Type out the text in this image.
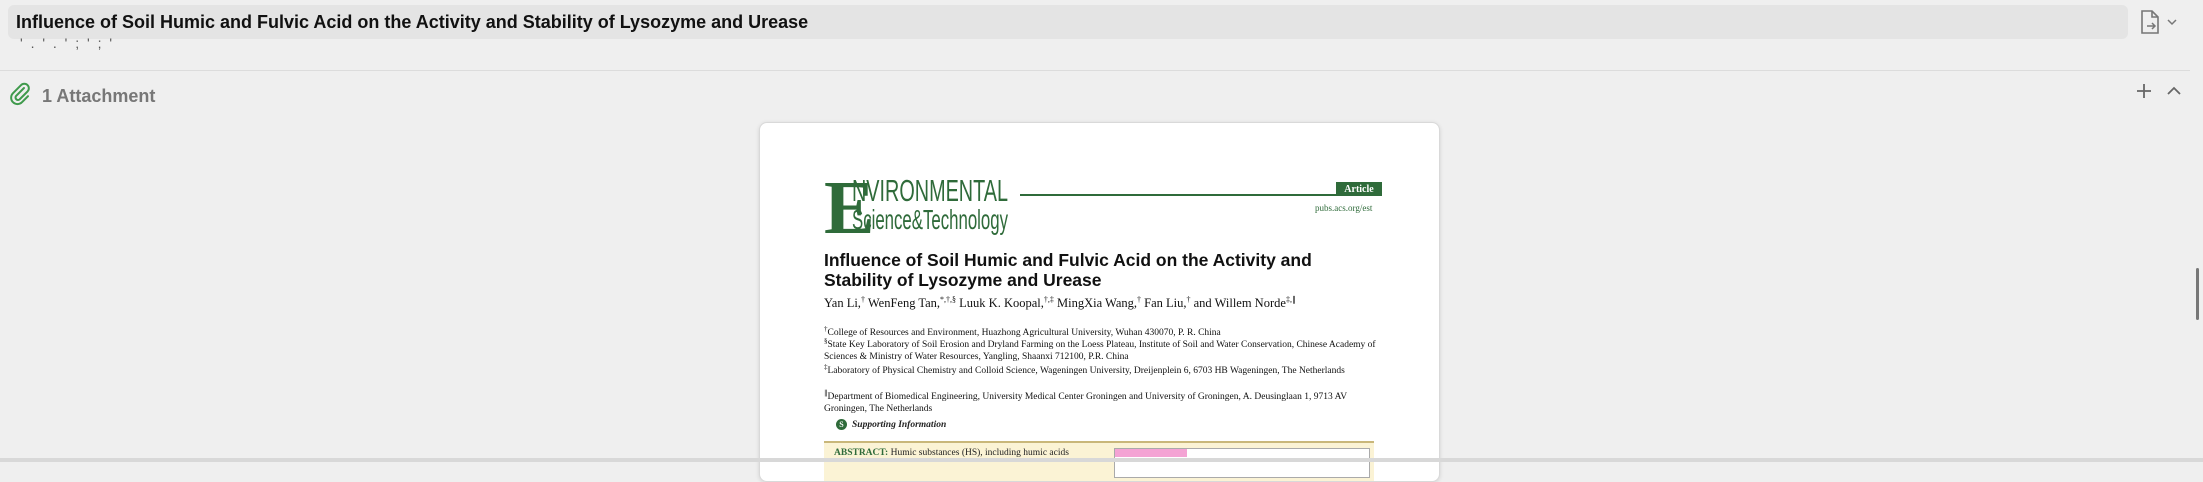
Influence of Soil Humic and Fulvic Acid on the Activity and Stability of Lysozyme and Urease
' . ' . ' ; ' ; '
1 Attachment
E
NVIRONMENTAL
Science&Technology
Article
pubs.acs.org/est
Influence of Soil Humic and Fulvic Acid on the Activity and Stability of Lysozyme and Urease
Yan Li,† WenFeng Tan,*,†,§ Luuk K. Koopal,†,‡ MingXia Wang,† Fan Liu,† and Willem Norde‡,∥
†College of Resources and Environment, Huazhong Agricultural University, Wuhan 430070, P. R. China
§State Key Laboratory of Soil Erosion and Dryland Farming on the Loess Plateau, Institute of Soil and Water Conservation, Chinese Academy of Sciences & Ministry of Water Resources, Yangling, Shaanxi 712100, P.R. China
‡Laboratory of Physical Chemistry and Colloid Science, Wageningen University, Dreijenplein 6, 6703 HB Wageningen, The Netherlands
∥Department of Biomedical Engineering, University Medical Center Groningen and University of Groningen, A. Deusinglaan 1, 9713 AV Groningen, The Netherlands
S Supporting Information
ABSTRACT: Humic substances (HS), including humic acids
